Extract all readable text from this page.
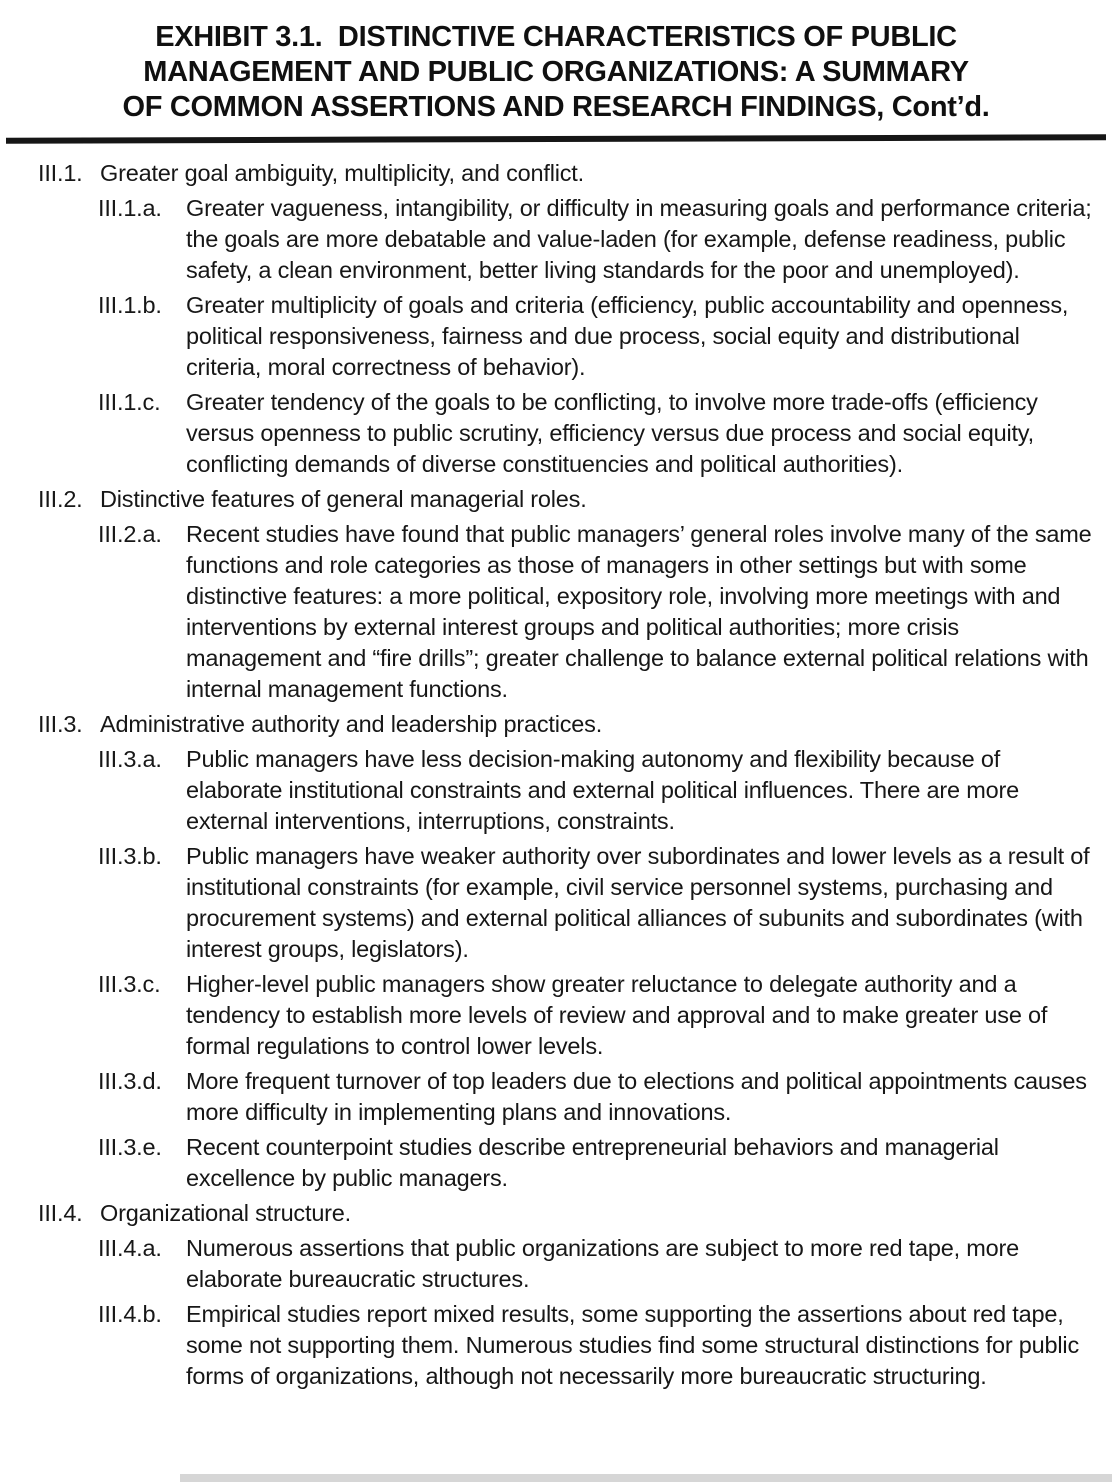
EXHIBIT 3.1.  DISTINCTIVE CHARACTERISTICS OF PUBLIC
MANAGEMENT AND PUBLIC ORGANIZATIONS: A SUMMARY
OF COMMON ASSERTIONS AND RESEARCH FINDINGS, Cont’d.
III.1. Greater goal ambiguity, multiplicity, and conflict.
III.1.a.	Greater vagueness, intangibility, or difficulty in measuring goals and performance criteria; the goals are more debatable and value-laden (for example, defense readiness, public safety, a clean environment, better living standards for the poor and unemployed).
III.1.b.	Greater multiplicity of goals and criteria (efficiency, public accountability and openness, political responsiveness, fairness and due process, social equity and distributional criteria, moral correctness of behavior).
III.1.c.	Greater tendency of the goals to be conflicting, to involve more trade-offs (efficiency versus openness to public scrutiny, efficiency versus due process and social equity, conflicting demands of diverse constituencies and political authorities).
III.2. Distinctive features of general managerial roles.
III.2.a.	Recent studies have found that public managers’ general roles involve many of the same functions and role categories as those of managers in other settings but with some distinctive features: a more political, expository role, involving more meetings with and interventions by external interest groups and political authorities; more crisis management and “fire drills”; greater challenge to balance external political relations with internal management functions.
III.3. Administrative authority and leadership practices.
III.3.a.	Public managers have less decision-making autonomy and flexibility because of elaborate institutional constraints and external political influences. There are more external interventions, interruptions, constraints.
III.3.b.	Public managers have weaker authority over subordinates and lower levels as a result of institutional constraints (for example, civil service personnel systems, purchasing and procurement systems) and external political alliances of subunits and subordinates (with interest groups, legislators).
III.3.c.	Higher-level public managers show greater reluctance to delegate authority and a tendency to establish more levels of review and approval and to make greater use of formal regulations to control lower levels.
III.3.d.	More frequent turnover of top leaders due to elections and political appointments causes more difficulty in implementing plans and innovations.
III.3.e.	Recent counterpoint studies describe entrepreneurial behaviors and managerial excellence by public managers.
III.4. Organizational structure.
III.4.a.	Numerous assertions that public organizations are subject to more red tape, more elaborate bureaucratic structures.
III.4.b.	Empirical studies report mixed results, some supporting the assertions about red tape, some not supporting them. Numerous studies find some structural distinctions for public forms of organizations, although not necessarily more bureaucratic structuring.
